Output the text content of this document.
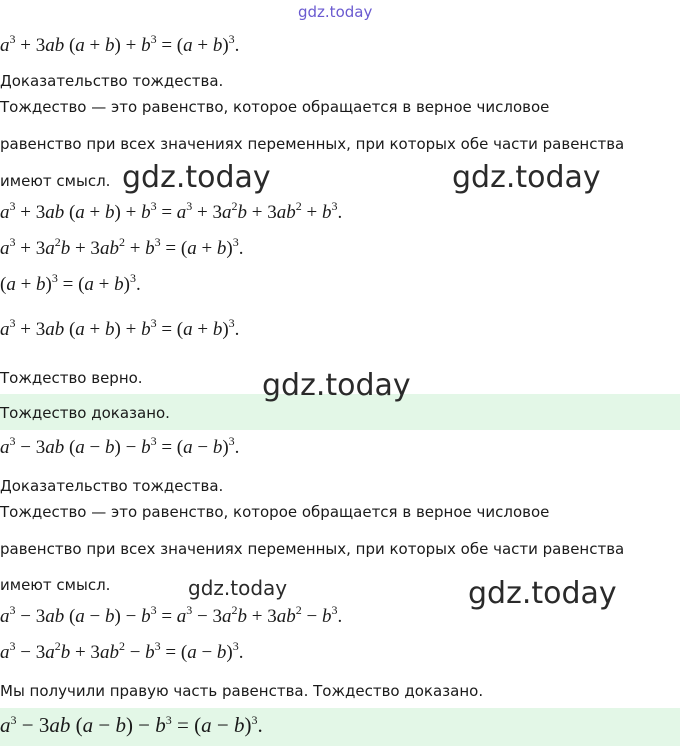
gdz.today
gdz.today	gdz.today
gdz.today
gdz.today	gdz.today
$a^3 + 3ab$ $(a + b) + b^3 = (a + b)^3$.
Доказательство тождества.
Тождество — это равенство, которое обращается в верное числовое
равенство при всех значениях переменных, при которых обе части равенства
имеют смысл.
$a^3 + 3ab$ $(a + b) + b^3 = a^3 + 3a^2b + 3ab^2 + b^3$.
$a^3 + 3a^2b + 3ab^2 + b^3 = (a + b)^3$.
$(a + b)^3 = (a + b)^3$.
$a^3 + 3ab$ $(a + b) + b^3 = (a + b)^3$.
Тождество верно.
Тождество доказано.
$a^3 - 3ab$ $(a - b) - b^3 = (a - b)^3$.
Доказательство тождества.
Тождество — это равенство, которое обращается в верное числовое
равенство при всех значениях переменных, при которых обе части равенства
имеют смысл.
$a^3 - 3ab$ $(a - b) - b^3 = a^3 - 3a^2b + 3ab^2 - b^3$.
$a^3 - 3a^2b + 3ab^2 - b^3 = (a - b)^3$.
Мы получили правую часть равенства. Тождество доказано.
$a^3 - 3ab$ $(a - b) - b^3 = (a - b)^3$.
